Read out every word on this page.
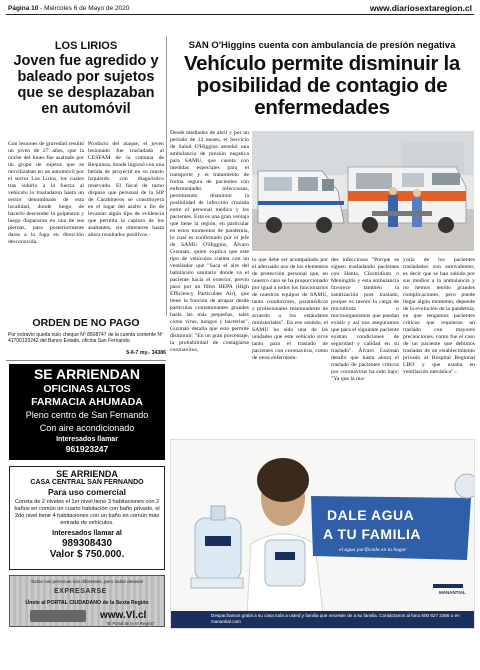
Página 10 - Miércoles 6 de Mayo de 2020	www.diariosextaregion.cl
LOS LIRIOS
Joven fue agredido y baleado por sujetos que se desplazaban en automóvil
Con lesiones de gravedad resultó un joven de 27 años, que la noche del lunes fue asaltado por un grupo de sujetos que se movilizaban en un automóvil por el sector Los Lirios, los cuales tras subirlo a la fuerza al vehículo lo trasladaron hasta un sector denominado de esta localidad, donde luego de hacerlo descender la golpearon y luego dispararon en una de sus piernas, para posteriormente darse a la fuga en dirección desconocida.
Producto del ataque, el joven lesionado fue trasladado al CESFAM de la comuna de Requinoa, donde ingresó con una herida de proyectil en su muslo izquierdo con diagnóstico reservado. El fiscal de turno dispuso que personal de la SIP de Carabineros se constituyera en el lugar del asalto a fin de levantar algún tipo de evidencia que permita la captura de los asaltantes, sin obtenerse hasta ahora resultados positivos.-
ORDEN DE NO PAGO
Por extravío queda nulo cheque Nº 8508747 de la cuenta corriente Nº 41700120242 del Banco Estado, oficina San Fernando.
5-6-7 my.- 34386
SE ARRIENDAN
OFICINAS ALTOS
FARMACIA AHUMADA
Pleno centro de San Fernando
Con aire acondicionado
Interesados llamar
961923247
SE ARRIENDA
CASA CENTRAL SAN FERNANDO
Para uso comercial
Consta de 2 niveles el 1er nivel tiene 3 habitaciones con 2 baños en común un cuarto habitación con baño privado, el 2do nivel tiene 4 habitaciones con un baño en común más entrada de vehículos.
Interesados llamar al
989308430
Valor $ 750.000.
Todas mis personas son diferentes, pero todas desean!
EXPRESARSE
Únete al PORTAL CIUDADANO de la Sexta Región
www.Vl.cl
"El Portal de la VI Región"
SAN O'Higgins cuenta con ambulancia de presión negativa
Vehículo permite disminuir la posibilidad de contagio de enfermedades
Desde mediados de abril y por un período de 12 meses, el Servicio de Salud O'Higgins atendió una ambulancia de presión negativa para SAMU, que cuenta con medidas especiales para el transporte y el tratamiento de forma segura de pacientes con enfermedades infecciosas, permitiendo disminuir la posibilidad de infección cruzada entre el personal médico y los pacientes. Esta es una gran ventaja que tiene la región, en particular en estos momentos de pandemia, lo cual es confirmado por el jefe de SAMU O'Higgins, Álvaro Guzmán, quien explica que este tipo de vehículos cuenta con un ventilador que "Saca el aire del habitáculo sanitario donde va el paciente hacia el exterior, previo paso por un filtro HEPA (High Efficiency Particulate Air), que tiene la función de atrapar desde partículas contaminantes grandes hasta las más pequeñas, tales como virus, hongos y bacterias". Guzmán detalla que esto permite disminuir: "En un gran porcentaje, la probabilidad de contagiarse coronavirus,
lo que debe ser acompañado por el adecuado uso de los elementos de protección personal que, en nuestro caso se ha proporcionado por igual a todos los funcionarios de nuestros equipos de SAMU, tanto conductores, paramédicos y profesionales reanimadores de acuerdo a los estándares ministeriales". En ese sentido, el SAMU ha sido una de las unidades que este vehículo sirve tanto para el traslado de pacientes con coronavirus, como de otras enfermeda-
des infecciosas "Porque se siguen trasladando pacientes con Hanta, Clostridium o Meningitis y esta ambulancia favorece también la sanitización post traslado, porque es menor la carga de microbiota o microorganismos que puedan existir y así nos aseguramos que para el siguiente paciente existan condiciones de seguridad y calidad en su traslado". Álvaro Guzmán detalló que hasta ahora el traslado de pacientes críticos por coronavirus ha sido bajo: "Ya que la ma-
yoría de los pacientes trasladados son autovalentes, es decir que se han subido por sus medios a la ambulancia y no hemos tenido grandes complicaciones, pero puede llegar algún momento, depende de la evolución de la pandemia, en que tengamos pacientes críticos que requieran un traslado con mayores precauciones, como fue el caso de un paciente que debimos trasladar de un establecimiento privado al Hospital Regional LBO y que estaba en ventilación mecánica".-
DALE AGUA
A TU FAMILIA
el agua purificada en tu hogar
MANANTIAL
Despachamos gratis a su casa todo a usted y familia que necesite de a su familia. Contáctanos al fono 600 627 2366 o en manantial.com
